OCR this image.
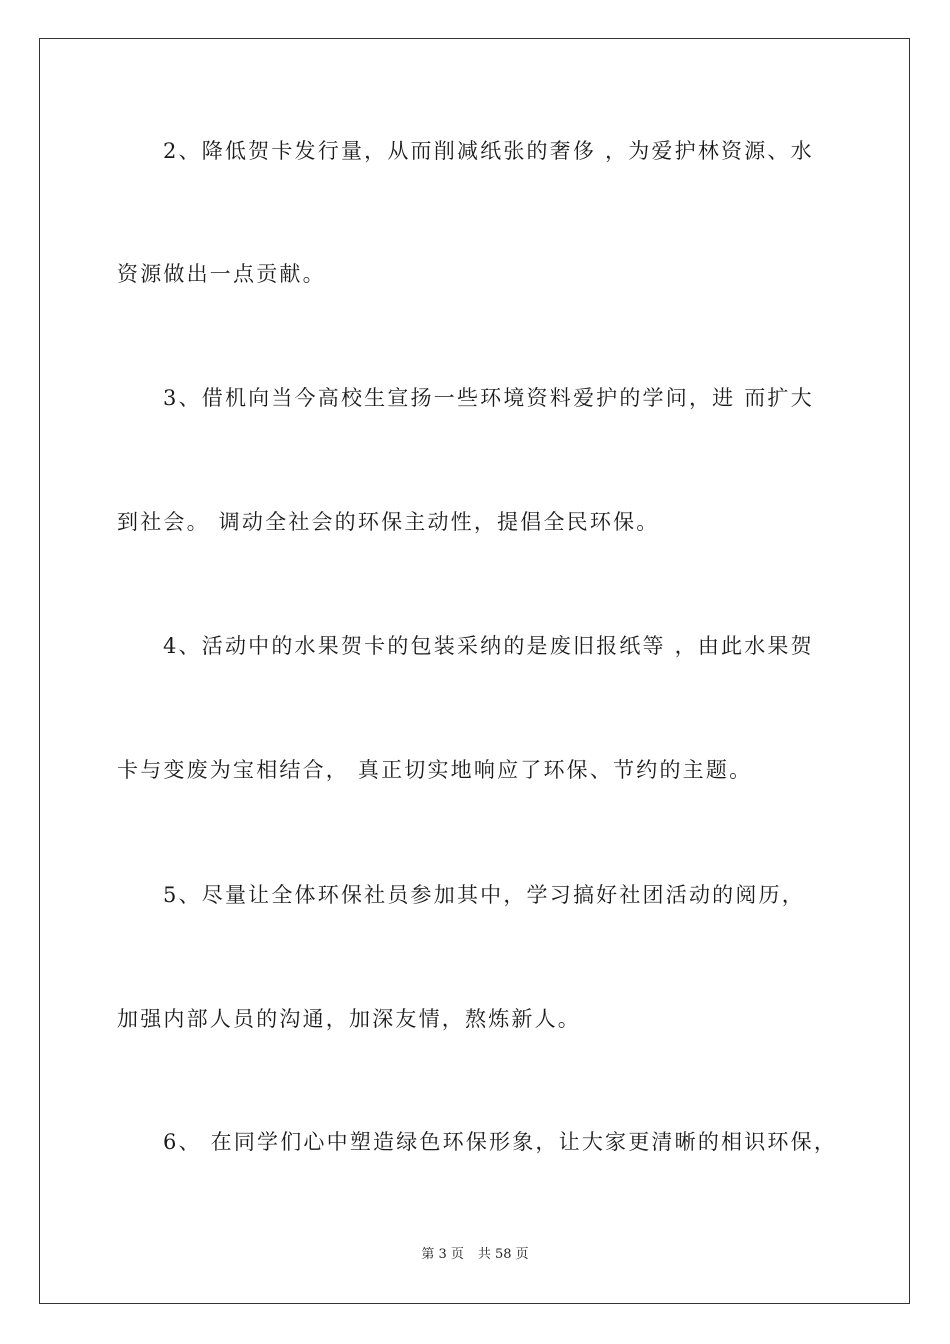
2、降低贺卡发行量，从而削减纸张的奢侈 ，为爱护林资源、水
资源做出一点贡献。
3、借机向当今高校生宣扬一些环境资料爱护的学问，进 而扩大
到社会。 调动全社会的环保主动性，提倡全民环保。
4、活动中的水果贺卡的包装采纳的是废旧报纸等 ，由此水果贺
卡与变废为宝相结合， 真正切实地响应了环保、节约的主题。
5、尽量让全体环保社员参加其中，学习搞好社团活动的阅历，
加强内部人员的沟通，加深友情，熬炼新人。
6、 在同学们心中塑造绿色环保形象，让大家更清晰的相识环保，
第 3 页 共 58 页
